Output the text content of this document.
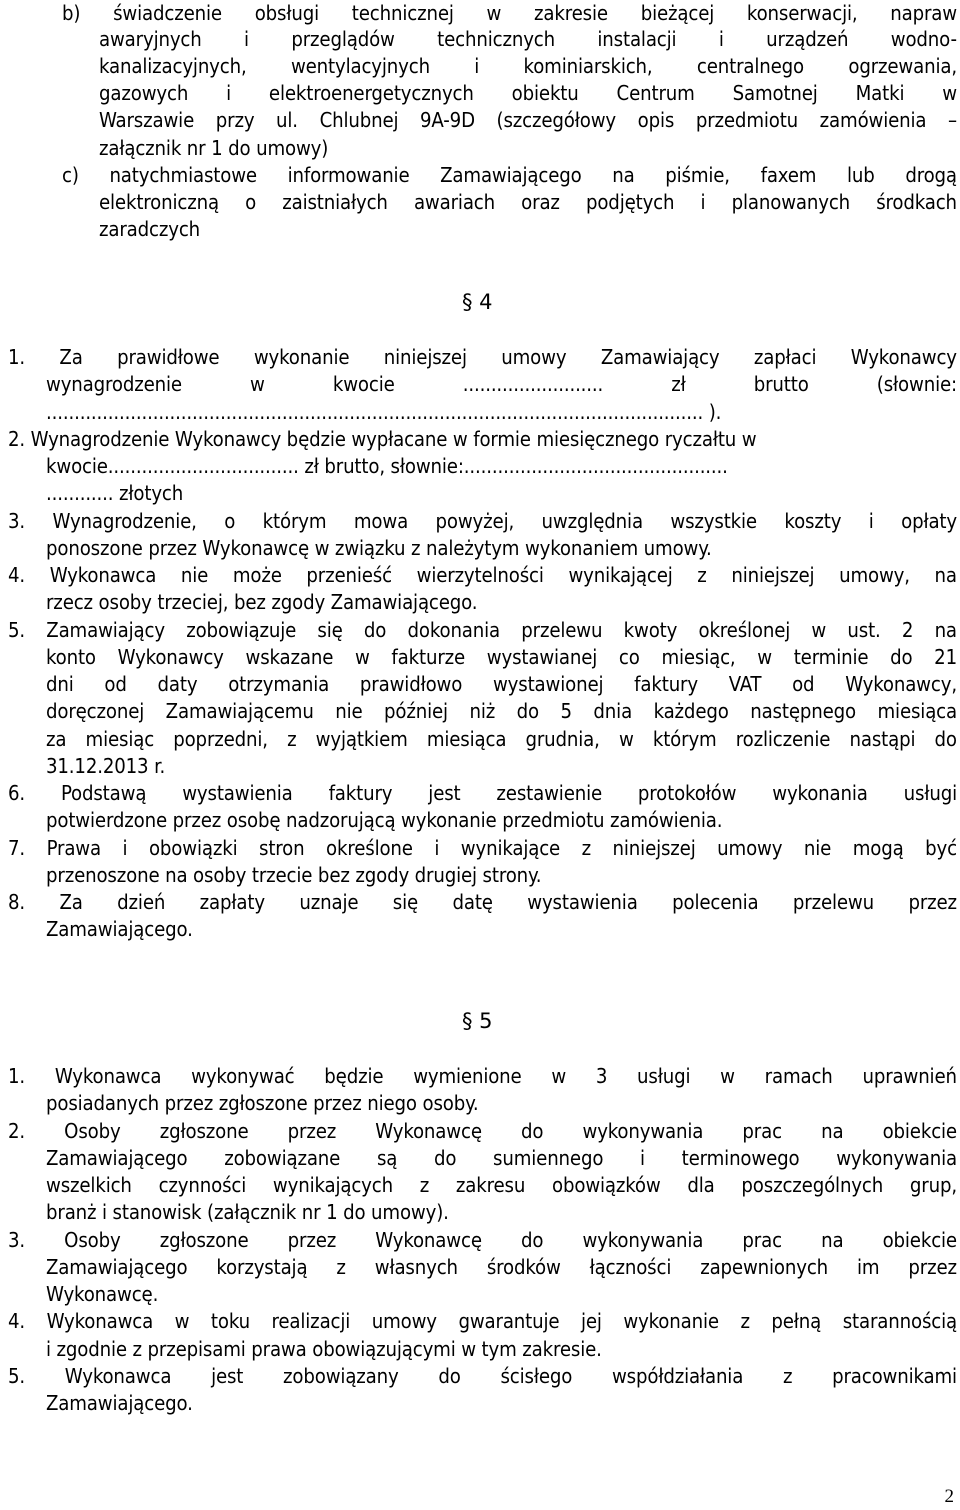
b) świadczenie obsługi technicznej w zakresie bieżącej konserwacji, napraw
awaryjnych i przeglądów technicznych instalacji i urządzeń wodno-
kanalizacyjnych, wentylacyjnych i kominiarskich, centralnego ogrzewania,
gazowych i elektroenergetycznych obiektu Centrum Samotnej Matki w
Warszawie przy ul. Chlubnej 9A-9D (szczegółowy opis przedmiotu zamówienia –
załącznik nr 1 do umowy)
c) natychmiastowe informowanie Zamawiającego na piśmie, faxem lub drogą
elektroniczną o zaistniałych awariach oraz podjętych i planowanych środkach
zaradczych
§ 4
1. Za prawidłowe wykonanie niniejszej umowy Zamawiający zapłaci Wykonawcy
wynagrodzenie	w	kwocie	.........................	zł	brutto	(słownie:
..................................................................................................................... ).
2. Wynagrodzenie Wykonawcy będzie wypłacane w formie miesięcznego ryczałtu w
kwocie.................................. zł brutto, słownie:...............................................
............ złotych
3. Wynagrodzenie, o którym mowa powyżej, uwzględnia wszystkie koszty i opłaty
ponoszone przez Wykonawcę w związku z należytym wykonaniem umowy.
4. Wykonawca nie może przenieść wierzytelności wynikającej z niniejszej umowy, na
rzecz osoby trzeciej, bez zgody Zamawiającego.
5. Zamawiający zobowiązuje się do dokonania przelewu kwoty określonej w ust. 2 na
konto Wykonawcy wskazane w fakturze wystawianej co miesiąc, w terminie do 21
dni od daty otrzymania prawidłowo wystawionej faktury VAT od Wykonawcy,
doręczonej Zamawiającemu nie później niż do 5 dnia każdego następnego miesiąca
za miesiąc poprzedni, z wyjątkiem miesiąca grudnia, w którym rozliczenie nastąpi do
31.12.2013 r.
6. Podstawą wystawienia faktury jest zestawienie protokołów wykonania usługi
potwierdzone przez osobę nadzorującą wykonanie przedmiotu zamówienia.
7. Prawa i obowiązki stron określone i wynikające z niniejszej umowy nie mogą być
przenoszone na osoby trzecie bez zgody drugiej strony.
8. Za dzień zapłaty uznaje się datę wystawienia polecenia przelewu przez
Zamawiającego.
§ 5
1. Wykonawca wykonywać będzie wymienione w 3 usługi w ramach uprawnień
posiadanych przez zgłoszone przez niego osoby.
2. Osoby zgłoszone przez Wykonawcę do wykonywania prac na obiekcie
Zamawiającego zobowiązane są do sumiennego i terminowego wykonywania
wszelkich czynności wynikających z zakresu obowiązków dla poszczególnych grup,
branż i stanowisk (załącznik nr 1 do umowy).
3. Osoby zgłoszone przez Wykonawcę do wykonywania prac na obiekcie
Zamawiającego korzystają z własnych środków łączności zapewnionych im przez
Wykonawcę.
4. Wykonawca w toku realizacji umowy gwarantuje jej wykonanie z pełną starannością
i zgodnie z przepisami prawa obowiązującymi w tym zakresie.
5. Wykonawca jest zobowiązany do ścisłego współdziałania z pracownikami
Zamawiającego.
2
